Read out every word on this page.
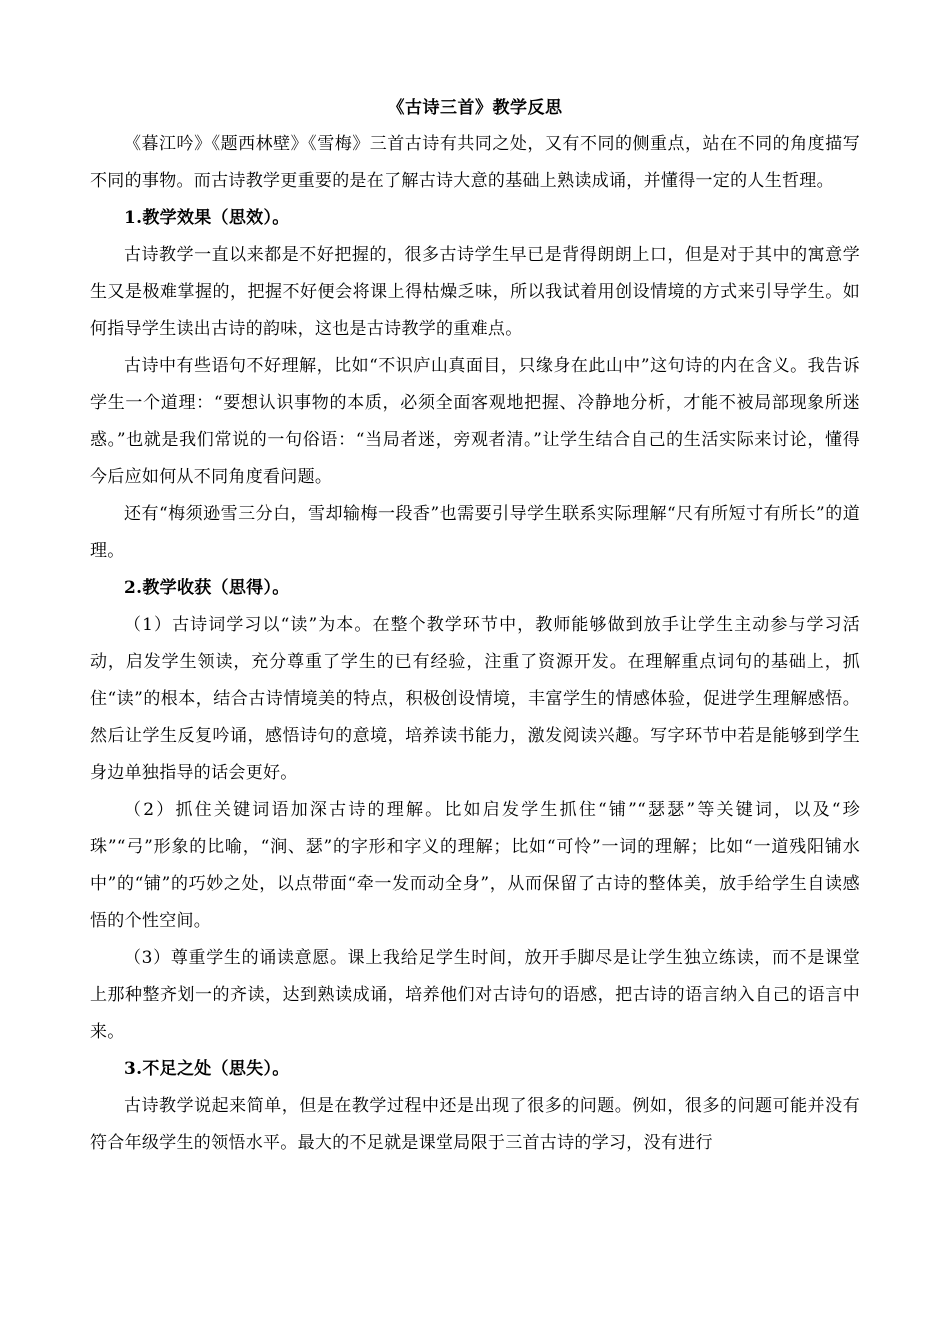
《古诗三首》教学反思

《暮江吟》《题西林壁》《雪梅》三首古诗有共同之处，又有不同的侧重点，站在不同的角度描写不同的事物。而古诗教学更重要的是在了解古诗大意的基础上熟读成诵，并懂得一定的人生哲理。

1.教学效果（思效）。

古诗教学一直以来都是不好把握的，很多古诗学生早已是背得朗朗上口，但是对于其中的寓意学生又是极难掌握的，把握不好便会将课上得枯燥乏味，所以我试着用创设情境的方式来引导学生。如何指导学生读出古诗的韵味，这也是古诗教学的重难点。

古诗中有些语句不好理解，比如“不识庐山真面目，只缘身在此山中”这句诗的内在含义。我告诉学生一个道理：“要想认识事物的本质，必须全面客观地把握、冷静地分析，才能不被局部现象所迷惑。”也就是我们常说的一句俗语：“当局者迷，旁观者清。”让学生结合自己的生活实际来讨论，懂得今后应如何从不同角度看问题。

还有“梅须逊雪三分白，雪却输梅一段香”也需要引导学生联系实际理解“尺有所短寸有所长”的道理。

2.教学收获（思得）。

（1）古诗词学习以“读”为本。在整个教学环节中，教师能够做到放手让学生主动参与学习活动，启发学生领读，充分尊重了学生的已有经验，注重了资源开发。在理解重点词句的基础上，抓住“读”的根本，结合古诗情境美的特点，积极创设情境，丰富学生的情感体验，促进学生理解感悟。然后让学生反复吟诵，感悟诗句的意境，培养读书能力，激发阅读兴趣。写字环节中若是能够到学生身边单独指导的话会更好。

（2）抓住关键词语加深古诗的理解。比如启发学生抓住“铺”“瑟瑟”等关键词，以及“珍珠”“弓”形象的比喻，“涧、瑟”的字形和字义的理解；比如“可怜”一词的理解；比如“一道残阳铺水中”的“铺”的巧妙之处，以点带面“牵一发而动全身”，从而保留了古诗的整体美，放手给学生自读感悟的个性空间。

（3）尊重学生的诵读意愿。课上我给足学生时间，放开手脚尽是让学生独立练读，而不是课堂上那种整齐划一的齐读，达到熟读成诵，培养他们对古诗句的语感，把古诗的语言纳入自己的语言中来。

3.不足之处（思失）。

古诗教学说起来简单，但是在教学过程中还是出现了很多的问题。例如，很多的问题可能并没有符合年级学生的领悟水平。最大的不足就是课堂局限于三首古诗的学习，没有进行
